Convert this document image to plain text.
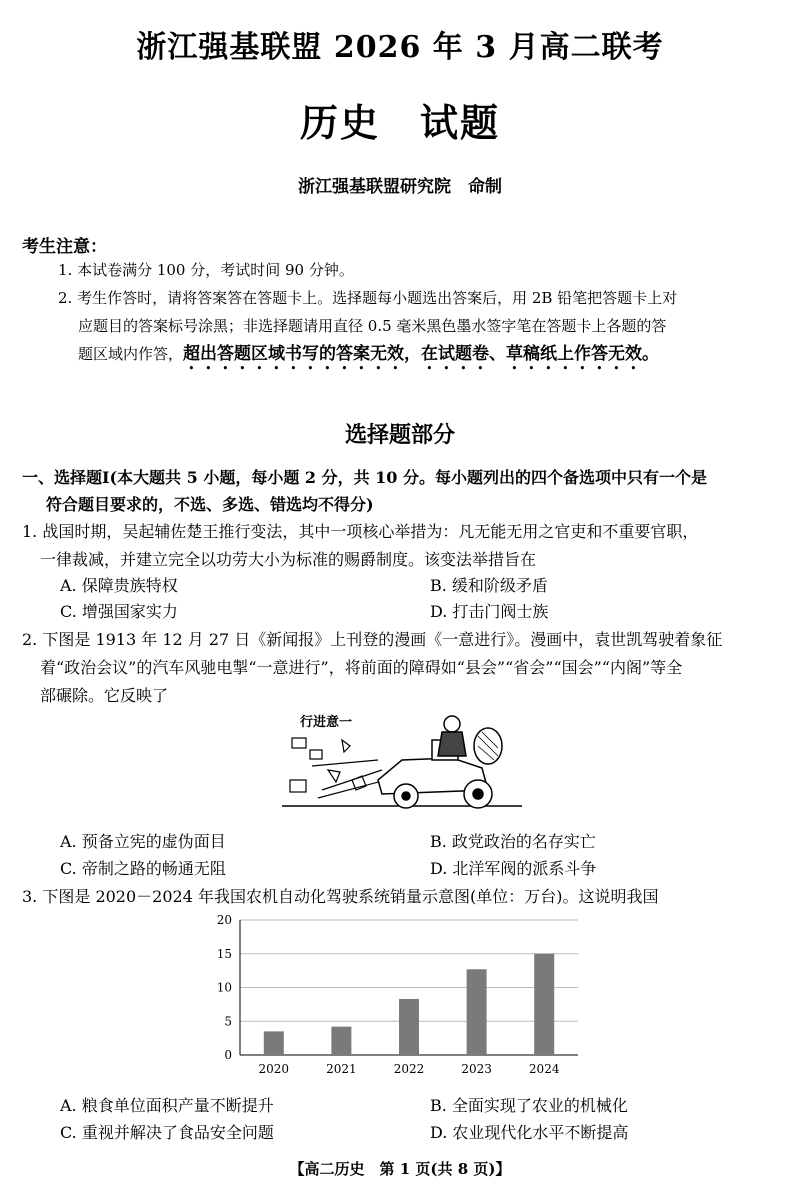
浙江强基联盟 2026 年 3 月高二联考
历史　试题
浙江强基联盟研究院　命制
考生注意：
1. 本试卷满分 100 分，考试时间 90 分钟。
2. 考生作答时，请将答案答在答题卡上。选择题每小题选出答案后，用 2B 铅笔把答题卡上对
应题目的答案标号涂黑；非选择题请用直径 0.5 毫米黑色墨水签字笔在答题卡上各题的答
题区域内作答，超出答题区域书写的答案无效，在试题卷、草稿纸上作答无效。
选择题部分
一、选择题Ⅰ(本大题共 5 小题，每小题 2 分，共 10 分。每小题列出的四个备选项中只有一个是
符合题目要求的，不选、多选、错选均不得分)
1. 战国时期，吴起辅佐楚王推行变法，其中一项核心举措为：凡无能无用之官吏和不重要官职，
一律裁减，并建立完全以功劳大小为标准的赐爵制度。该变法举措旨在
A. 保障贵族特权	B. 缓和阶级矛盾
C. 增强国家实力	D. 打击门阀士族
2. 下图是 1913 年 12 月 27 日《新闻报》上刊登的漫画《一意进行》。漫画中，袁世凯驾驶着象征
着“政治会议”的汽车风驰电掣“一意进行”，将前面的障碍如“县会”“省会”“国会”“内阁”等全
部碾除。它反映了
一意进行
A. 预备立宪的虚伪面目	B. 政党政治的名存实亡
C. 帝制之路的畅通无阻	D. 北洋军阀的派系斗争
3. 下图是 2020－2024 年我国农机自动化驾驶系统销量示意图(单位：万台)。这说明我国
0
5
10
15
20
2020	2021	2022	2023	2024
A. 粮食单位面积产量不断提升	B. 全面实现了农业的机械化
C. 重视并解决了食品安全问题	D. 农业现代化水平不断提高
【高二历史　第 1 页(共 8 页)】
